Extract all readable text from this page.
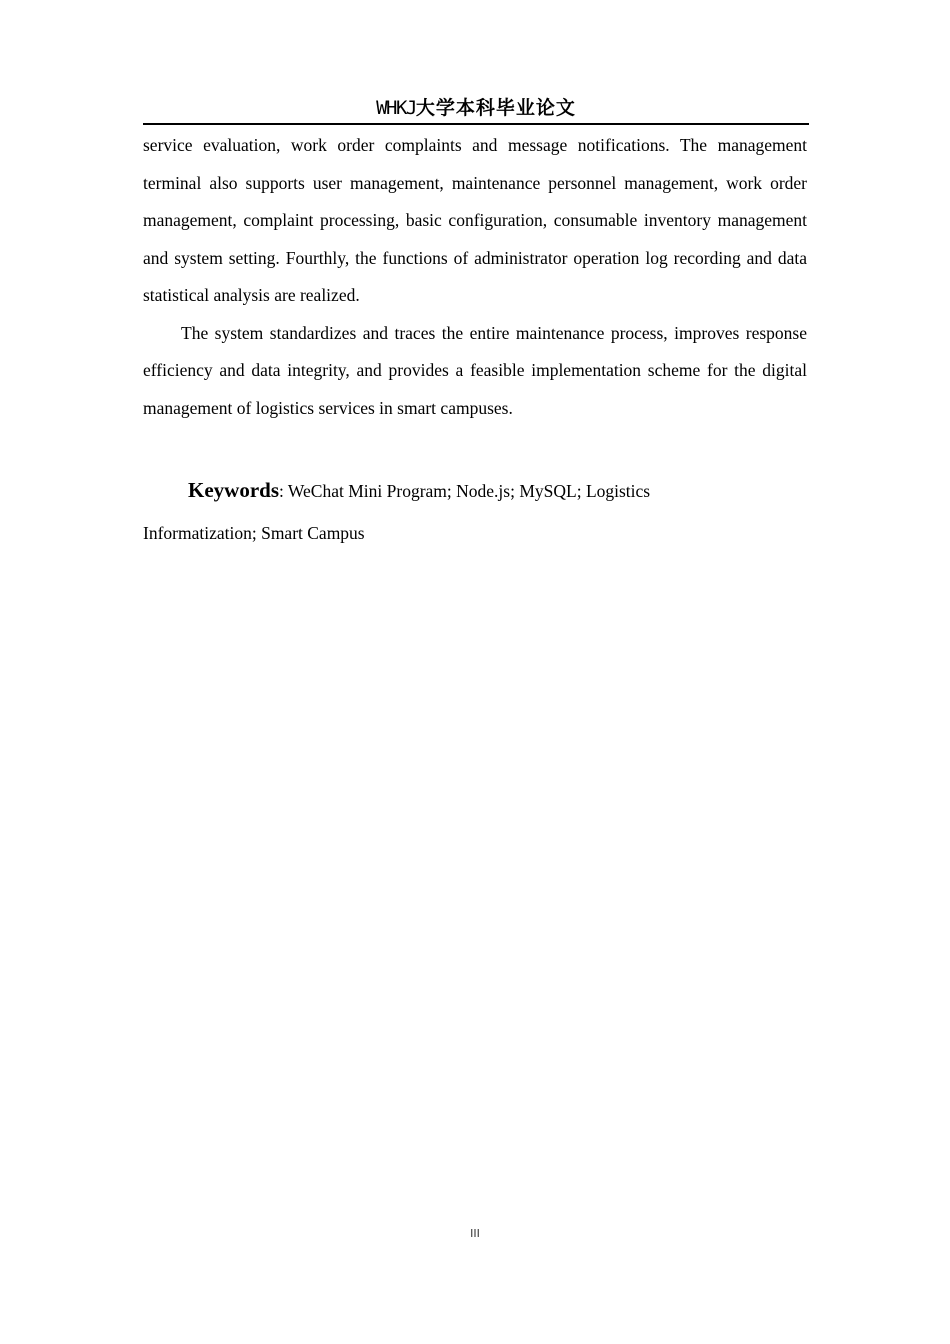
WHKJ大学本科毕业论文

service evaluation, work order complaints and message notifications. The management terminal also supports user management, maintenance personnel management, work order management, complaint processing, basic configuration, consumable inventory management and system setting. Fourthly, the functions of administrator operation log recording and data statistical analysis are realized.

The system standardizes and traces the entire maintenance process, improves response efficiency and data integrity, and provides a feasible implementation scheme for the digital management of logistics services in smart campuses.

Keywords: WeChat Mini Program; Node.js; MySQL; Logistics
Informatization; Smart Campus
III
